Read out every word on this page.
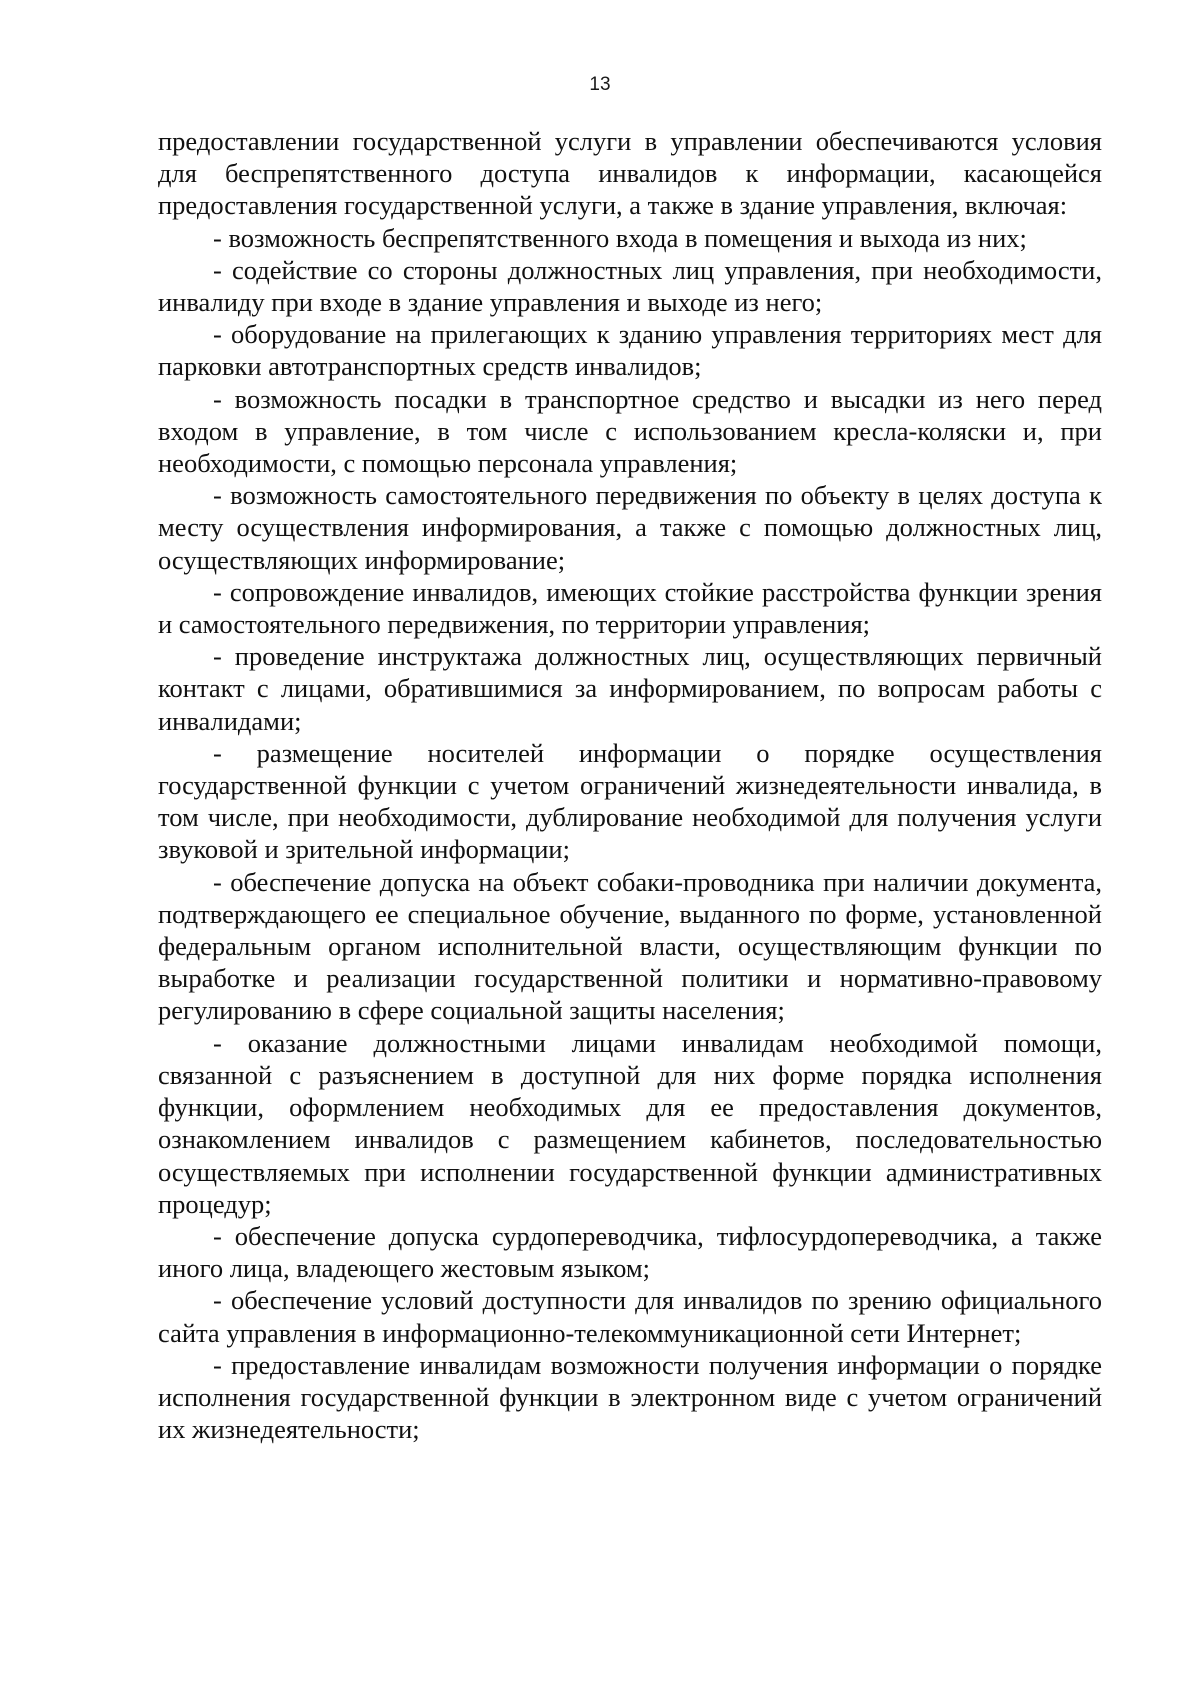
13

предоставлении государственной услуги в управлении обеспечиваются условия для беспрепятственного доступа инвалидов к информации, касающейся предоставления государственной услуги, а также в здание управления, включая:

- возможность беспрепятственного входа в помещения и выхода из них;

- содействие со стороны должностных лиц управления, при необходимости, инвалиду при входе в здание управления и выходе из него;

- оборудование на прилегающих к зданию управления территориях мест для парковки автотранспортных средств инвалидов;

- возможность посадки в транспортное средство и высадки из него перед входом в управление, в том числе с использованием кресла-коляски и, при необходимости, с помощью персонала управления;

- возможность самостоятельного передвижения по объекту в целях доступа к месту осуществления информирования, а также с помощью должностных лиц, осуществляющих информирование;

- сопровождение инвалидов, имеющих стойкие расстройства функции зрения и самостоятельного передвижения, по территории управления;

- проведение инструктажа должностных лиц, осуществляющих первичный контакт с лицами, обратившимися за информированием, по вопросам работы с инвалидами;

- размещение носителей информации о порядке осуществления государственной функции с учетом ограничений жизнедеятельности инвалида, в том числе, при необходимости, дублирование необходимой для получения услуги звуковой и зрительной информации;

- обеспечение допуска на объект собаки-проводника при наличии документа, подтверждающего ее специальное обучение, выданного по форме, установленной федеральным органом исполнительной власти, осуществляющим функции по выработке и реализации государственной политики и нормативно-правовому регулированию в сфере социальной защиты населения;

- оказание должностными лицами инвалидам необходимой помощи, связанной с разъяснением в доступной для них форме порядка исполнения функции, оформлением необходимых для ее предоставления документов, ознакомлением инвалидов с размещением кабинетов, последовательностью осуществляемых при исполнении государственной функции административных процедур;

- обеспечение допуска сурдопереводчика, тифлосурдопереводчика, а также иного лица, владеющего жестовым языком;

- обеспечение условий доступности для инвалидов по зрению официального сайта управления в информационно-телекоммуникационной сети Интернет;

- предоставление инвалидам возможности получения информации о порядке исполнения государственной функции в электронном виде с учетом ограничений их жизнедеятельности;
